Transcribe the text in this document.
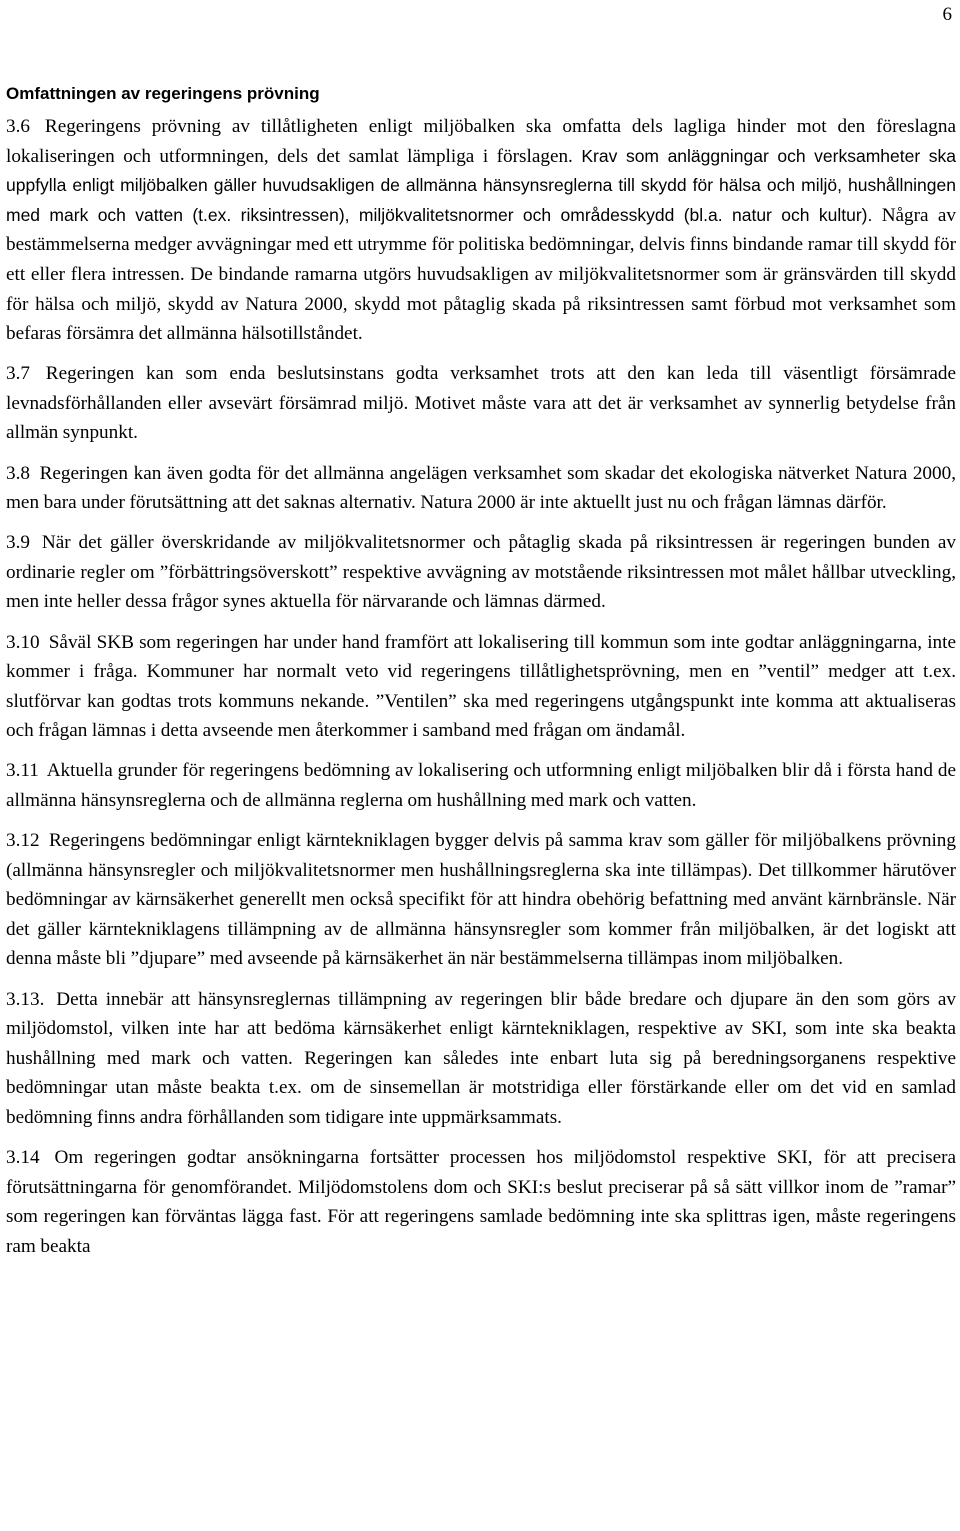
6
Omfattningen av regeringens prövning

3.6 Regeringens prövning av tillåtligheten enligt miljöbalken ska omfatta dels lagliga hinder mot den föreslagna lokaliseringen och utformningen, dels det samlat lämpliga i förslagen. Krav som anläggningar och verksamheter ska uppfylla enligt miljöbalken gäller huvudsakligen de allmänna hänsynsreglerna till skydd för hälsa och miljö, hushållningen med mark och vatten (t.ex. riksintressen), miljökvalitetsnormer och områdesskydd (bl.a. natur och kultur). Några av bestämmelserna medger avvägningar med ett utrymme för politiska bedömningar, delvis finns bindande ramar till skydd för ett eller flera intressen. De bindande ramarna utgörs huvudsakligen av miljökvalitetsnormer som är gränsvärden till skydd för hälsa och miljö, skydd av Natura 2000, skydd mot påtaglig skada på riksintressen samt förbud mot verksamhet som befaras försämra det allmänna hälsotillståndet.

3.7 Regeringen kan som enda beslutsinstans godta verksamhet trots att den kan leda till väsentligt försämrade levnadsförhållanden eller avsevärt försämrad miljö. Motivet måste vara att det är verksamhet av synnerlig betydelse från allmän synpunkt.

3.8 Regeringen kan även godta för det allmänna angelägen verksamhet som skadar det ekologiska nätverket Natura 2000, men bara under förutsättning att det saknas alternativ. Natura 2000 är inte aktuellt just nu och frågan lämnas därför.

3.9 När det gäller överskridande av miljökvalitetsnormer och påtaglig skada på riksintressen är regeringen bunden av ordinarie regler om ”förbättringsöverskott” respektive avvägning av motstående riksintressen mot målet hållbar utveckling, men inte heller dessa frågor synes aktuella för närvarande och lämnas därmed.

3.10 Såväl SKB som regeringen har under hand framfört att lokalisering till kommun som inte godtar anläggningarna, inte kommer i fråga. Kommuner har normalt veto vid regeringens tillåtlighetsprövning, men en ”ventil” medger att t.ex. slutförvar kan godtas trots kommuns nekande. ”Ventilen” ska med regeringens utgångspunkt inte komma att aktualiseras och frågan lämnas i detta avseende men återkommer i samband med frågan om ändamål.

3.11 Aktuella grunder för regeringens bedömning av lokalisering och utformning enligt miljöbalken blir då i första hand de allmänna hänsynsreglerna och de allmänna reglerna om hushållning med mark och vatten.

3.12 Regeringens bedömningar enligt kärntekniklagen bygger delvis på samma krav som gäller för miljöbalkens prövning (allmänna hänsynsregler och miljökvalitetsnormer men hushållningsreglerna ska inte tillämpas). Det tillkommer härutöver bedömningar av kärnsäkerhet generellt men också specifikt för att hindra obehörig befattning med använt kärnbränsle. När det gäller kärntekniklagens tillämpning av de allmänna hänsynsregler som kommer från miljöbalken, är det logiskt att denna måste bli ”djupare” med avseende på kärnsäkerhet än när bestämmelserna tillämpas inom miljöbalken.

3.13. Detta innebär att hänsynsreglernas tillämpning av regeringen blir både bredare och djupare än den som görs av miljödomstol, vilken inte har att bedöma kärnsäkerhet enligt kärntekniklagen, respektive av SKI, som inte ska beakta hushållning med mark och vatten. Regeringen kan således inte enbart luta sig på beredningsorganens respektive bedömningar utan måste beakta t.ex. om de sinsemellan är motstridiga eller förstärkande eller om det vid en samlad bedömning finns andra förhållanden som tidigare inte uppmärksammats.

3.14 Om regeringen godtar ansökningarna fortsätter processen hos miljödomstol respektive SKI, för att precisera förutsättningarna för genomförandet. Miljödomstolens dom och SKI:s beslut preciserar på så sätt villkor inom de ”ramar” som regeringen kan förväntas lägga fast. För att regeringens samlade bedömning inte ska splittras igen, måste regeringens ram beakta
